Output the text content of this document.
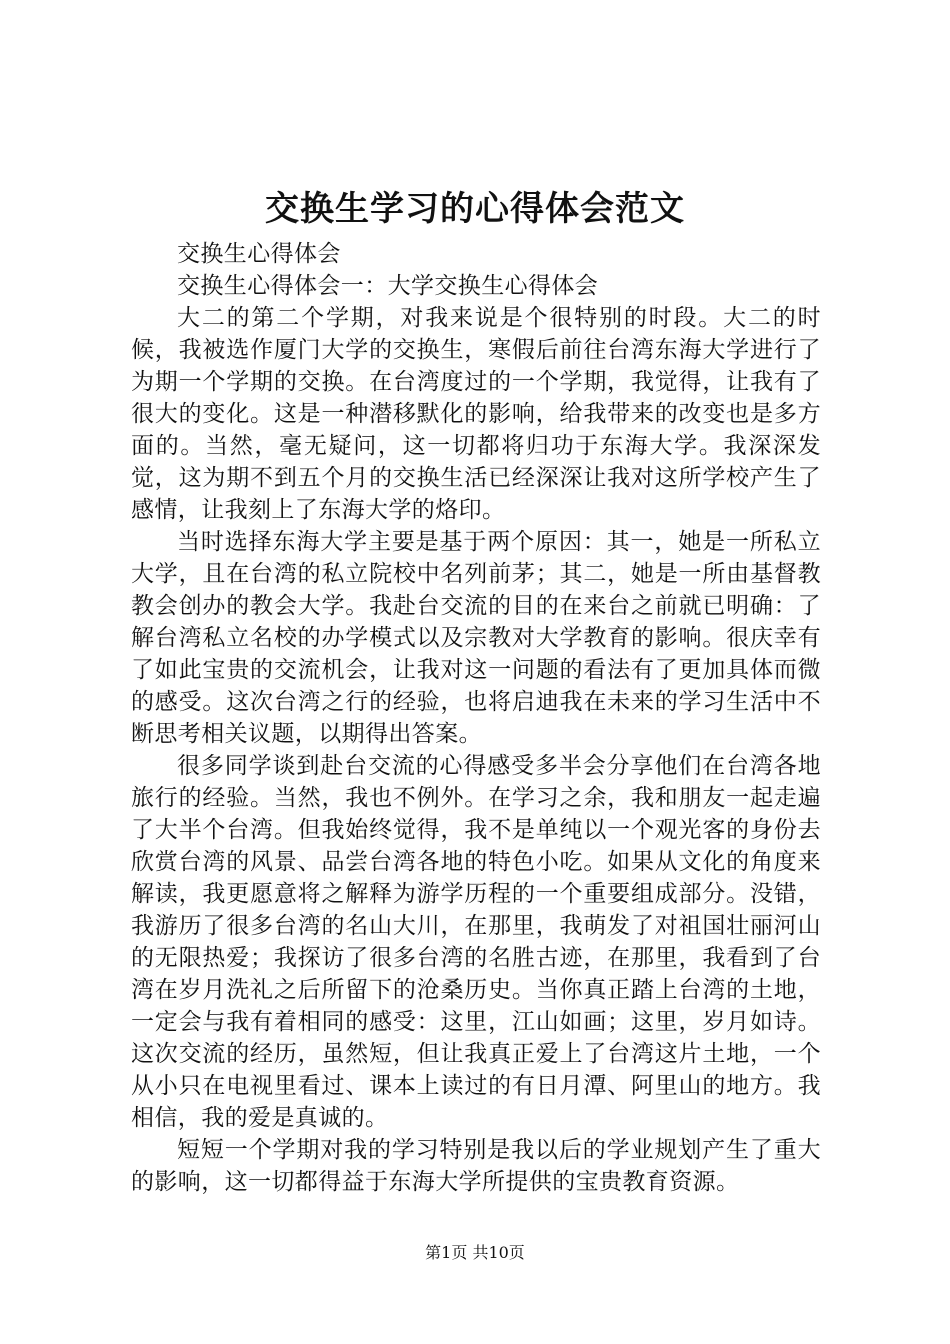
交换生学习的心得体会范文

交换生心得体会

交换生心得体会一：大学交换生心得体会

大二的第二个学期，对我来说是个很特别的时段。大二的时候，我被选作厦门大学的交换生，寒假后前往台湾东海大学进行了为期一个学期的交换。在台湾度过的一个学期，我觉得，让我有了很大的变化。这是一种潜移默化的影响，给我带来的改变也是多方面的。当然，毫无疑问，这一切都将归功于东海大学。我深深发觉，这为期不到五个月的交换生活已经深深让我对这所学校产生了感情，让我刻上了东海大学的烙印。

当时选择东海大学主要是基于两个原因：其一，她是一所私立大学，且在台湾的私立院校中名列前茅；其二，她是一所由基督教教会创办的教会大学。我赴台交流的目的在来台之前就已明确：了解台湾私立名校的办学模式以及宗教对大学教育的影响。很庆幸有了如此宝贵的交流机会，让我对这一问题的看法有了更加具体而微的感受。这次台湾之行的经验，也将启迪我在未来的学习生活中不断思考相关议题，以期得出答案。

很多同学谈到赴台交流的心得感受多半会分享他们在台湾各地旅行的经验。当然，我也不例外。在学习之余，我和朋友一起走遍了大半个台湾。但我始终觉得，我不是单纯以一个观光客的身份去欣赏台湾的风景、品尝台湾各地的特色小吃。如果从文化的角度来解读，我更愿意将之解释为游学历程的一个重要组成部分。没错，我游历了很多台湾的名山大川，在那里，我萌发了对祖国壮丽河山的无限热爱；我探访了很多台湾的名胜古迹，在那里，我看到了台湾在岁月洗礼之后所留下的沧桑历史。当你真正踏上台湾的土地，一定会与我有着相同的感受：这里，江山如画；这里，岁月如诗。这次交流的经历，虽然短，但让我真正爱上了台湾这片土地，一个从小只在电视里看过、课本上读过的有日月潭、阿里山的地方。我相信，我的爱是真诚的。

短短一个学期对我的学习特别是我以后的学业规划产生了重大的影响，这一切都得益于东海大学所提供的宝贵教育资源。

第1页 共10页
